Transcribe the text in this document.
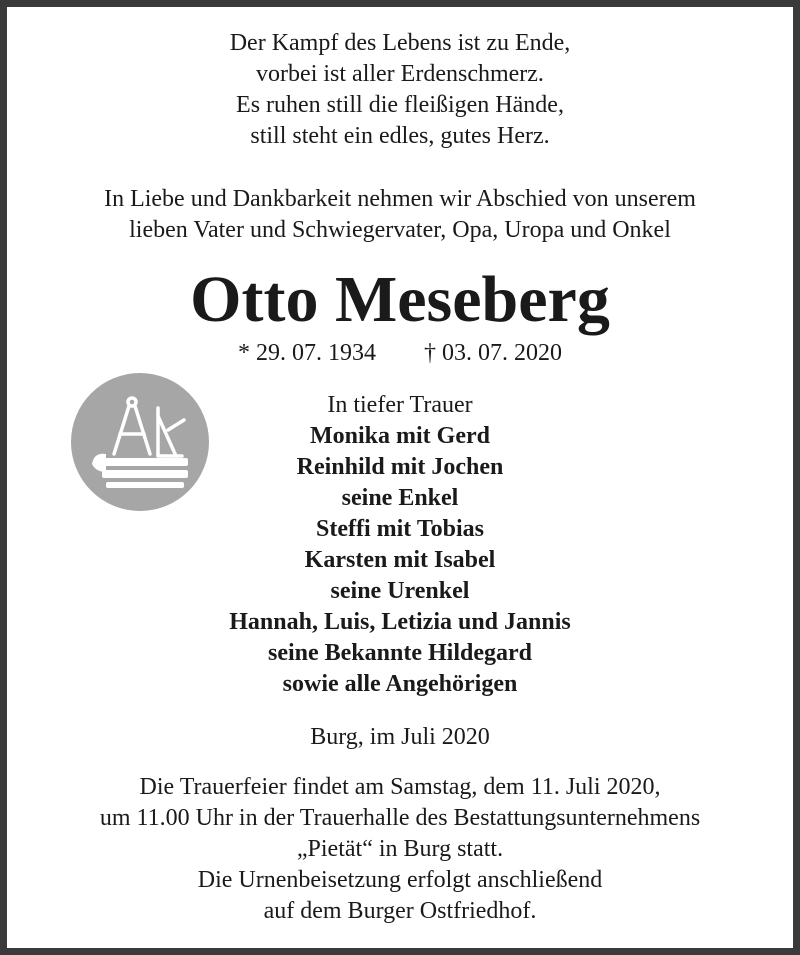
Der Kampf des Lebens ist zu Ende,
vorbei ist aller Erdenschmerz.
Es ruhen still die fleißigen Hände,
still steht ein edles, gutes Herz.
In Liebe und Dankbarkeit nehmen wir Abschied von unserem
lieben Vater und Schwiegervater, Opa, Uropa und Onkel
Otto Meseberg
* 29. 07. 1934 † 03. 07. 2020
In tiefer Trauer
Monika mit Gerd
Reinhild mit Jochen
seine Enkel
Steffi mit Tobias
Karsten mit Isabel
seine Urenkel
Hannah, Luis, Letizia und Jannis
seine Bekannte Hildegard
sowie alle Angehörigen
Burg, im Juli 2020
Die Trauerfeier findet am Samstag, dem 11. Juli 2020,
um 11.00 Uhr in der Trauerhalle des Bestattungsunternehmens
„Pietät“ in Burg statt.
Die Urnenbeisetzung erfolgt anschließend
auf dem Burger Ostfriedhof.
